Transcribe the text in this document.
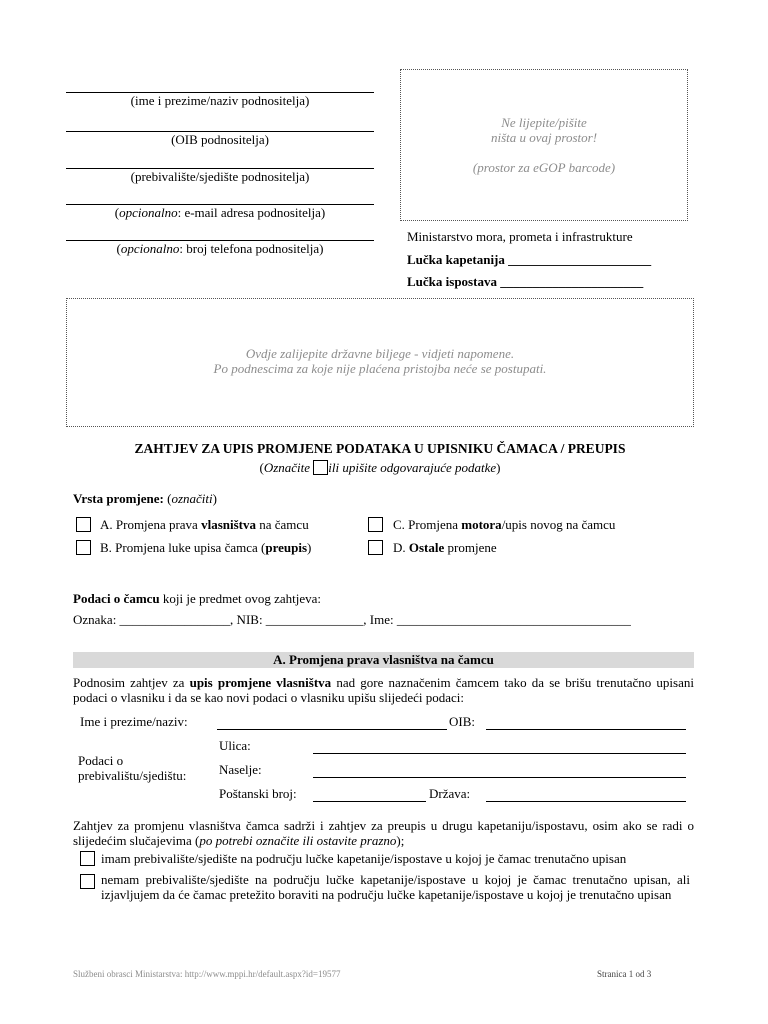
(ime i prezime/naziv podnositelja)
(OIB podnositelja)
(prebivalište/sjedište podnositelja)
(opcionalno: e-mail adresa podnositelja)
(opcionalno: broj telefona podnositelja)
Ne lijepite/pišite
ništa u ovaj prostor!
(prostor za eGOP barcode)
Ministarstvo mora, prometa i infrastrukture
Lučka kapetanija ______________________
Lučka ispostava ______________________
Ovdje zalijepite državne biljege - vidjeti napomene.
Po podnescima za koje nije plaćena pristojba neće se postupati.
ZAHTJEV ZA UPIS PROMJENE PODATAKA U UPISNIKU ČAMACA / PREUPIS
(Označite ili upišite odgovarajuće podatke)
Vrsta promjene: (označiti)
A. Promjena prava vlasništva na čamcu
B. Promjena luke upisa čamca (preupis)
C. Promjena motora/upis novog na čamcu
D. Ostale promjene
Podaci o čamcu koji je predmet ovog zahtjeva:
Oznaka: _________________, NIB: _______________, Ime: ____________________________________
A. Promjena prava vlasništva na čamcu
Podnosim zahtjev za upis promjene vlasništva nad gore naznačenim čamcem tako da se brišu trenutačno upisani podaci o vlasniku i da se kao novi podaci o vlasniku upišu slijedeći podaci:
Ime i prezime/naziv:	OIB:
Podaci o prebivalištu/sjedištu:
Ulica:
Naselje:
Poštanski broj:	Država:
Zahtjev za promjenu vlasništva čamca sadrži i zahtjev za preupis u drugu kapetaniju/ispostavu, osim ako se radi o slijedećim slučajevima (po potrebi označite ili ostavite prazno);
imam prebivalište/sjedište na području lučke kapetanije/ispostave u kojoj je čamac trenutačno upisan
nemam prebivalište/sjedište na području lučke kapetanije/ispostave u kojoj je čamac trenutačno upisan, ali izjavljujem da će čamac pretežito boraviti na području lučke kapetanije/ispostave u kojoj je trenutačno upisan
Službeni obrasci Ministarstva: http://www.mppi.hr/default.aspx?id=19577	Stranica 1 od 3
